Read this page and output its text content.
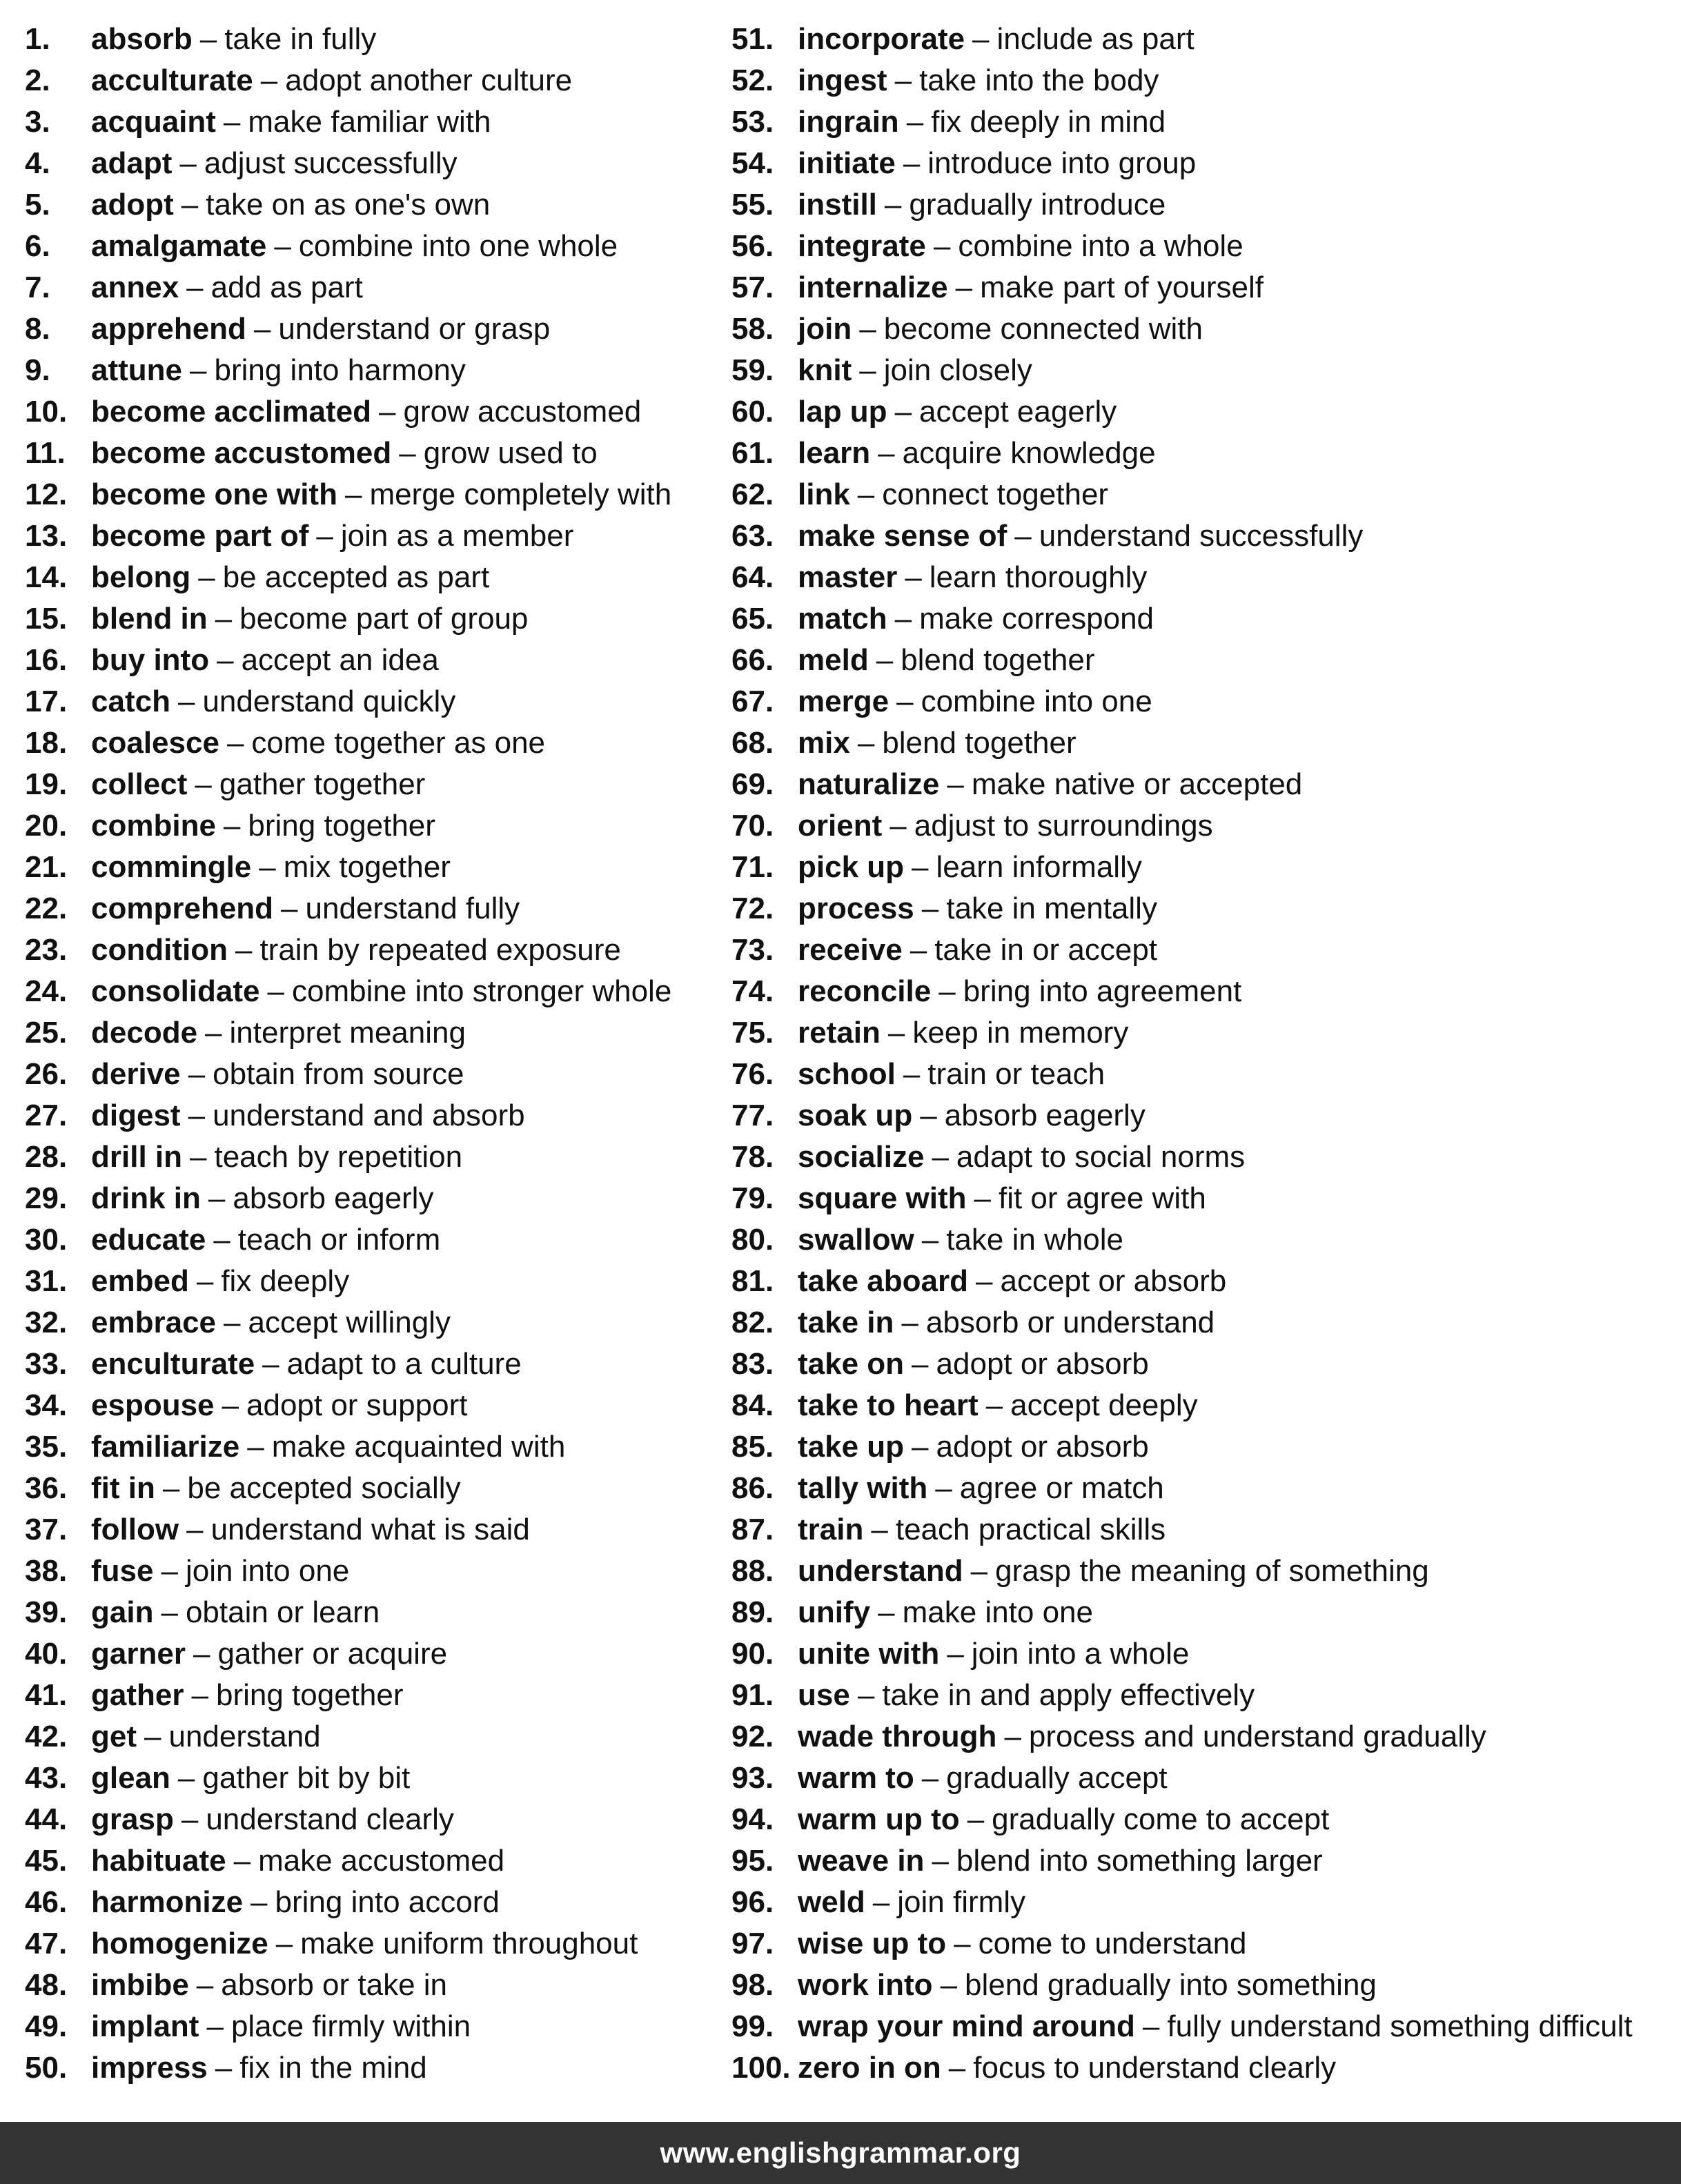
1.	absorb – take in fully
2.	acculturate – adopt another culture
3.	acquaint – make familiar with
4.	adapt – adjust successfully
5.	adopt – take on as one's own
6.	amalgamate – combine into one whole
7.	annex – add as part
8.	apprehend – understand or grasp
9.	attune – bring into harmony
10. become acclimated – grow accustomed
11. become accustomed – grow used to
12. become one with – merge completely with
13. become part of – join as a member
14. belong – be accepted as part
15. blend in – become part of group
16. buy into – accept an idea
17. catch – understand quickly
18. coalesce – come together as one
19. collect – gather together
20. combine – bring together
21. commingle – mix together
22. comprehend – understand fully
23. condition – train by repeated exposure
24. consolidate – combine into stronger whole
25. decode – interpret meaning
26. derive – obtain from source
27. digest – understand and absorb
28. drill in – teach by repetition
29. drink in – absorb eagerly
30. educate – teach or inform
31. embed – fix deeply
32. embrace – accept willingly
33. enculturate – adapt to a culture
34. espouse – adopt or support
35. familiarize – make acquainted with
36. fit in – be accepted socially
37. follow – understand what is said
38. fuse – join into one
39. gain – obtain or learn
40. garner – gather or acquire
41. gather – bring together
42. get – understand
43. glean – gather bit by bit
44. grasp – understand clearly
45. habituate – make accustomed
46. harmonize – bring into accord
47. homogenize – make uniform throughout
48. imbibe – absorb or take in
49. implant – place firmly within
50. impress – fix in the mind
51. incorporate – include as part
52. ingest – take into the body
53. ingrain – fix deeply in mind
54. initiate – introduce into group
55. instill – gradually introduce
56. integrate – combine into a whole
57. internalize – make part of yourself
58. join – become connected with
59. knit – join closely
60. lap up – accept eagerly
61. learn – acquire knowledge
62. link – connect together
63. make sense of – understand successfully
64. master – learn thoroughly
65. match – make correspond
66. meld – blend together
67. merge – combine into one
68. mix – blend together
69. naturalize – make native or accepted
70. orient – adjust to surroundings
71. pick up – learn informally
72. process – take in mentally
73. receive – take in or accept
74. reconcile – bring into agreement
75. retain – keep in memory
76. school – train or teach
77. soak up – absorb eagerly
78. socialize – adapt to social norms
79. square with – fit or agree with
80. swallow – take in whole
81. take aboard – accept or absorb
82. take in – absorb or understand
83. take on – adopt or absorb
84. take to heart – accept deeply
85. take up – adopt or absorb
86. tally with – agree or match
87. train – teach practical skills
88. understand – grasp the meaning of something
89. unify – make into one
90. unite with – join into a whole
91. use – take in and apply effectively
92. wade through – process and understand gradually
93. warm to – gradually accept
94. warm up to – gradually come to accept
95. weave in – blend into something larger
96. weld – join firmly
97. wise up to – come to understand
98. work into – blend gradually into something
99. wrap your mind around – fully understand something difficult
100. zero in on – focus to understand clearly
www.englishgrammar.org
